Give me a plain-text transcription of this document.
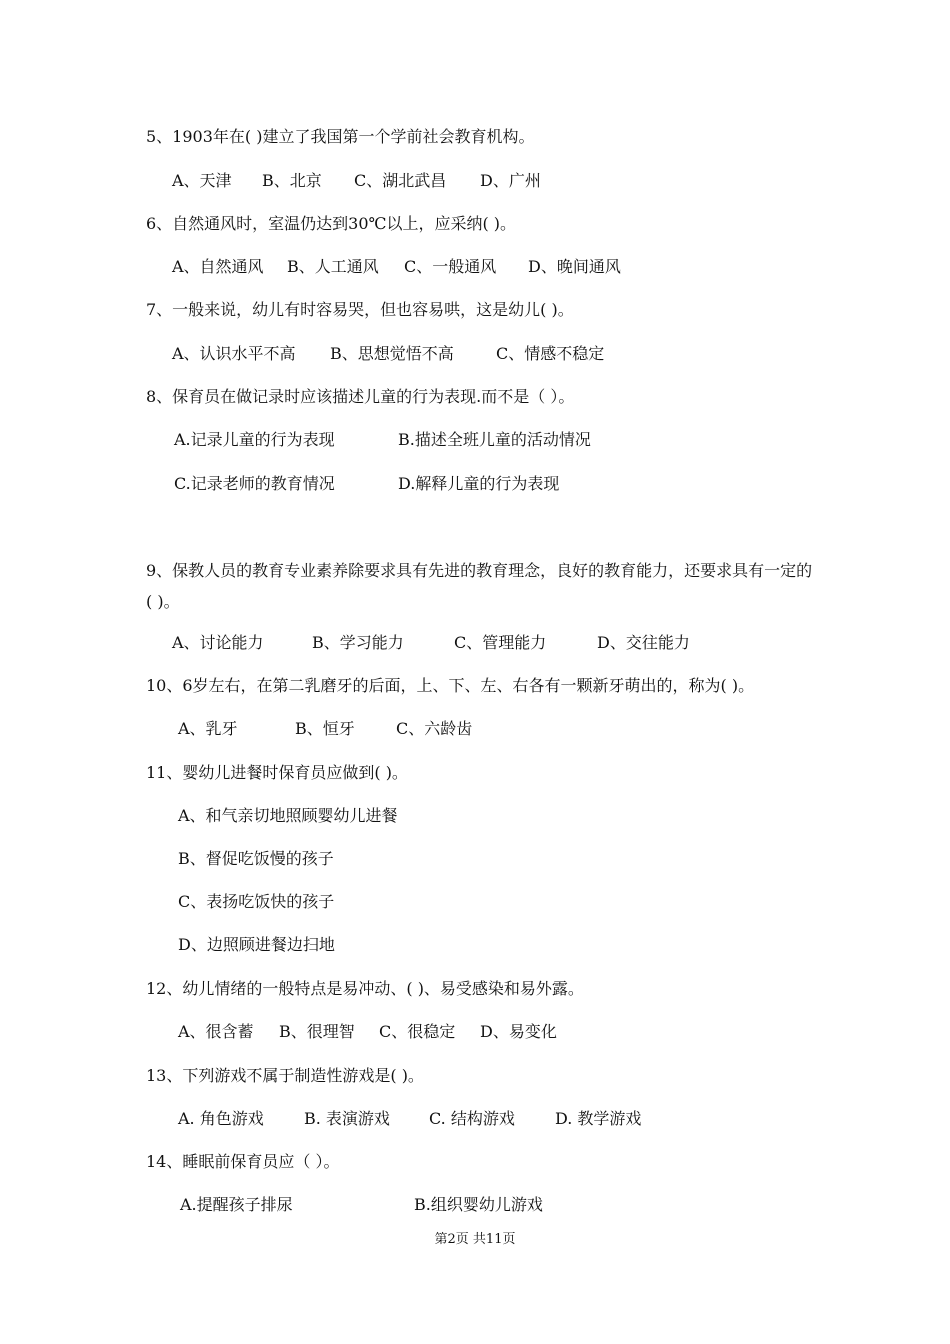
5、1903年在( )建立了我国第一个学前社会教育机构。
A、天津 B、北京 C、湖北武昌 D、广州
6、自然通风时，室温仍达到30℃以上，应采纳( )。
A、自然通风 B、人工通风 C、一般通风 D、晚间通风
7、一般来说，幼儿有时容易哭，但也容易哄，这是幼儿( )。
A、认识水平不高 B、思想觉悟不高	C、情感不稳定
8、保育员在做记录时应该描述儿童的行为表现.而不是（ ）。
A.记录儿童的行为表现	B.描述全班儿童的活动情况
C.记录老师的教育情况	D.解释儿童的行为表现
9、保教人员的教育专业素养除要求具有先进的教育理念，良好的教育能力，还要求具有一定的( )。
A、讨论能力	B、学习能力	C、管理能力	D、交往能力
10、6岁左右，在第二乳磨牙的后面，上、下、左、右各有一颗新牙萌出的，称为( )。
A、乳牙	B、恒牙	C、六龄齿
11、婴幼儿进餐时保育员应做到( )。
A、和气亲切地照顾婴幼儿进餐
B、督促吃饭慢的孩子
C、表扬吃饭快的孩子
D、边照顾进餐边扫地
12、幼儿情绪的一般特点是易冲动、( )、易受感染和易外露。
A、很含蓄 B、很理智 C、很稳定 D、易变化
13、下列游戏不属于制造性游戏是( )。
A. 角色游戏	B. 表演游戏 C. 结构游戏	D. 教学游戏
14、睡眠前保育员应（ ）。
A.提醒孩子排尿	B.组织婴幼儿游戏
第2页 共11页
